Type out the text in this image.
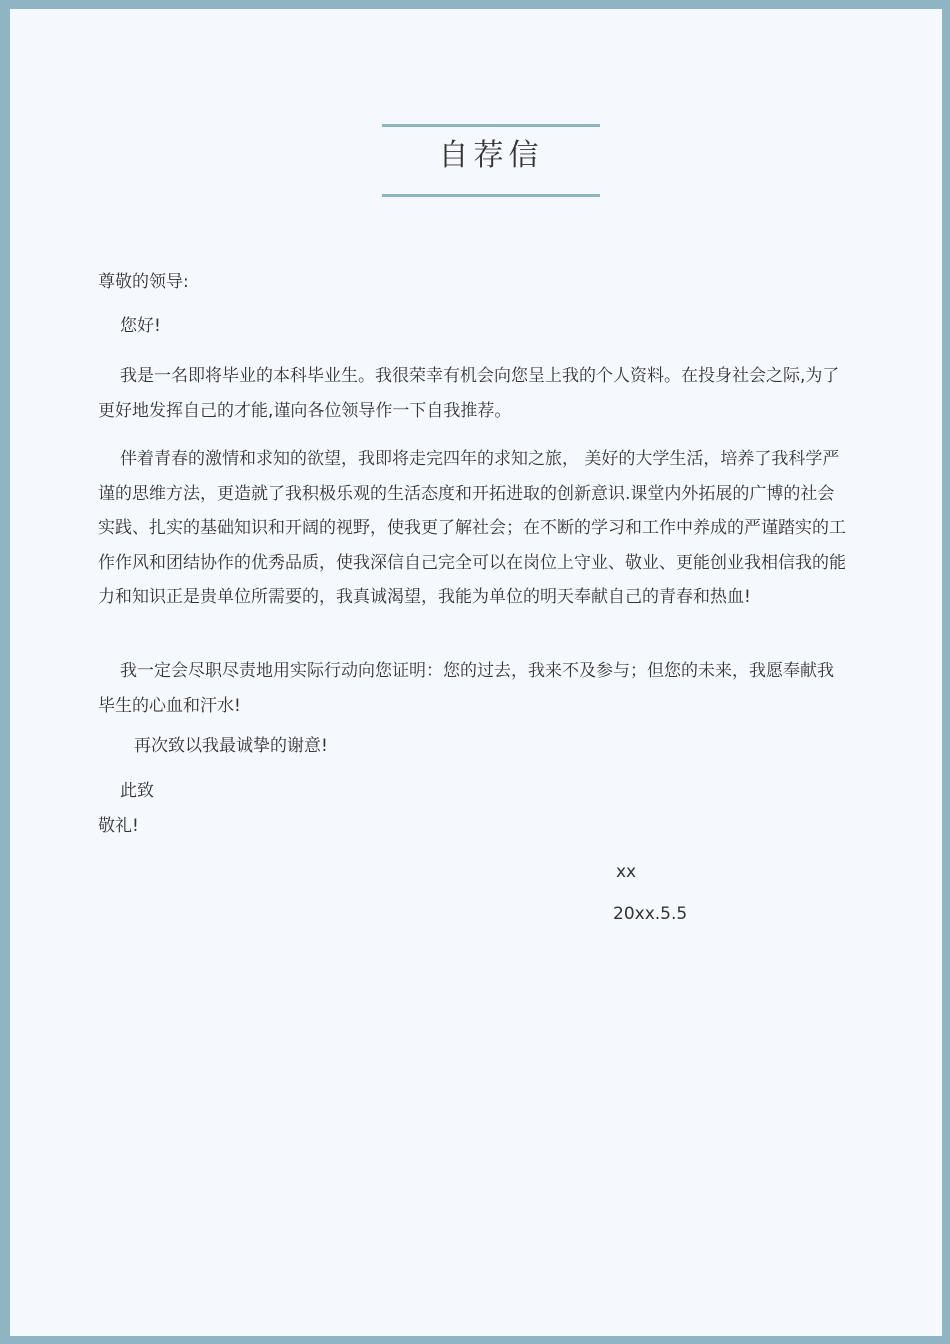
自荐信

尊敬的领导:

您好!

我是一名即将毕业的本科毕业生。我很荣幸有机会向您呈上我的个人资料。在投身社会之际,为了更好地发挥自己的才能,谨向各位领导作一下自我推荐。

伴着青春的激情和求知的欲望，我即将走完四年的求知之旅， 美好的大学生活，培养了我科学严谨的思维方法，更造就了我积极乐观的生活态度和开拓进取的创新意识.课堂内外拓展的广博的社会实践、扎实的基础知识和开阔的视野，使我更了解社会；在不断的学习和工作中养成的严谨踏实的工作作风和团结协作的优秀品质，使我深信自己完全可以在岗位上守业、敬业、更能创业我相信我的能力和知识正是贵单位所需要的，我真诚渴望，我能为单位的明天奉献自己的青春和热血!

我一定会尽职尽责地用实际行动向您证明：您的过去，我来不及参与；但您的未来，我愿奉献我毕生的心血和汗水!

再次致以我最诚挚的谢意!

此致

敬礼!

xx
20xx.5.5
